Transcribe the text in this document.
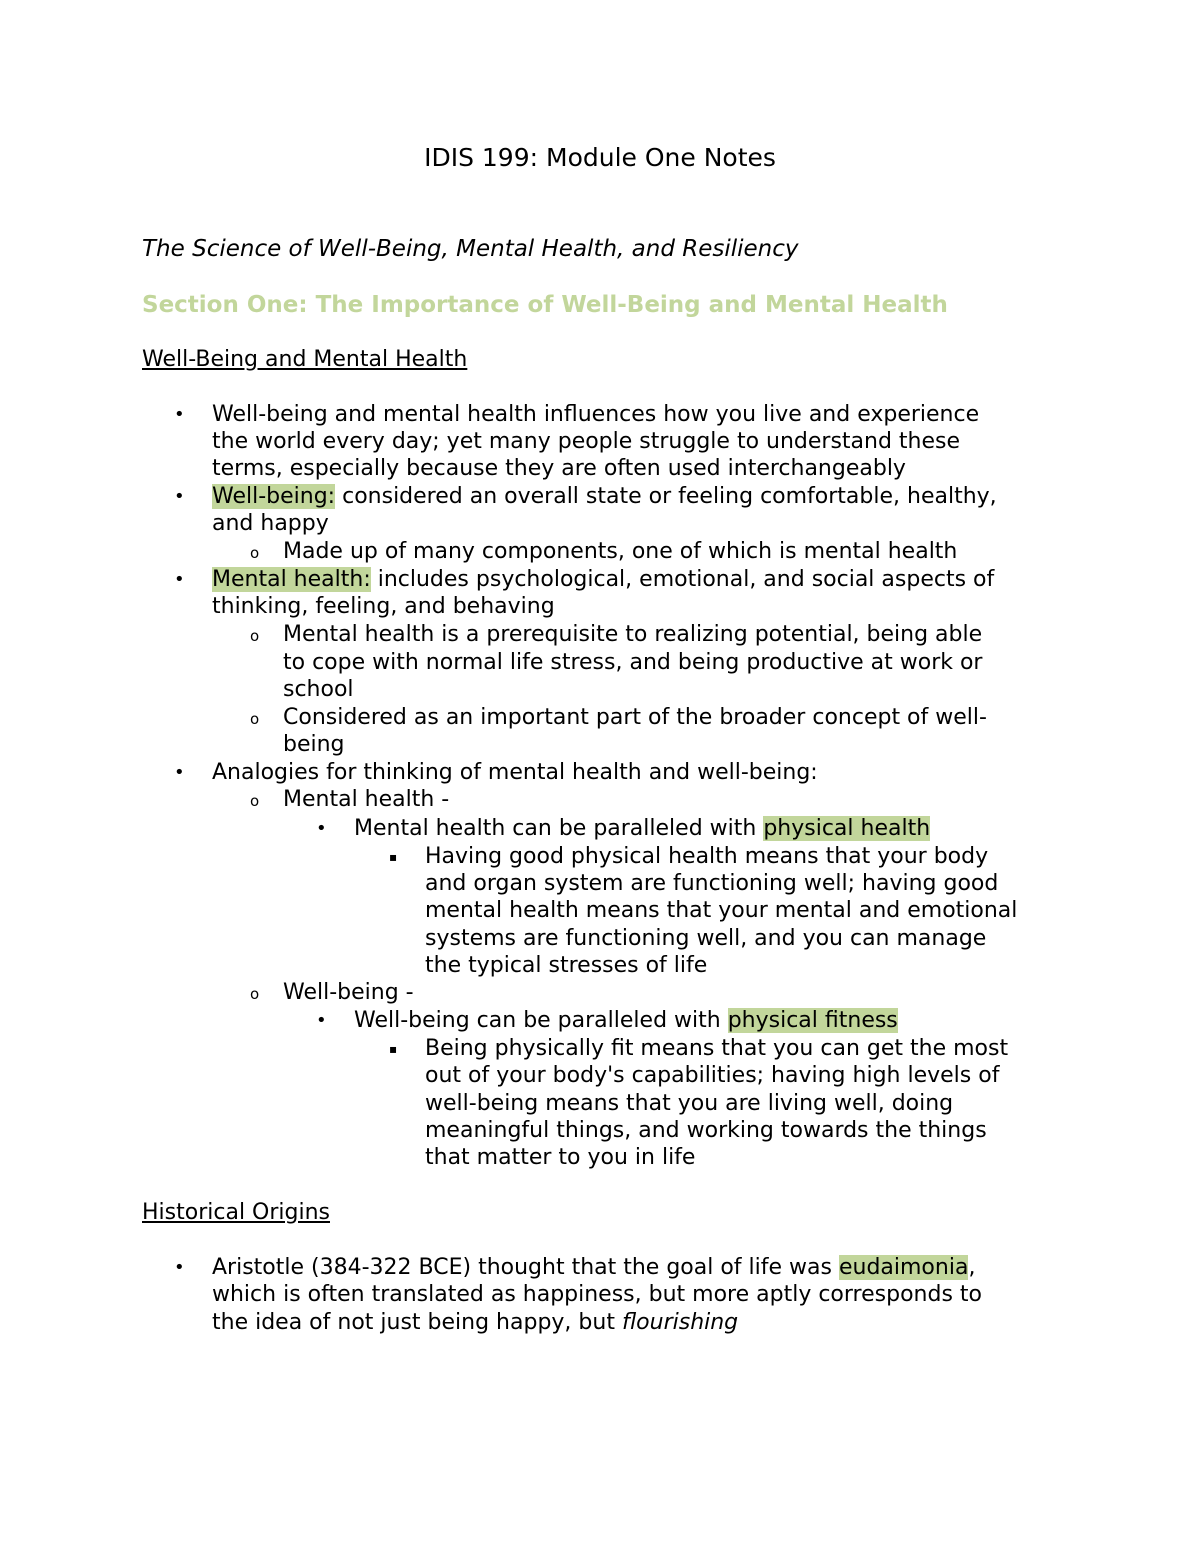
IDIS 199: Module One Notes
The Science of Well-Being, Mental Health, and Resiliency
Section One: The Importance of Well-Being and Mental Health
Well-Being and Mental Health
• Well-being and mental health influences how you live and experience
the world every day; yet many people struggle to understand these
terms, especially because they are often used interchangeably
• Well-being: considered an overall state or feeling comfortable, healthy,
and happy
o Made up of many components, one of which is mental health
• Mental health: includes psychological, emotional, and social aspects of
thinking, feeling, and behaving
o Mental health is a prerequisite to realizing potential, being able
to cope with normal life stress, and being productive at work or
school
o Considered as an important part of the broader concept of well-
being
• Analogies for thinking of mental health and well-being:
o Mental health -
• Mental health can be paralleled with physical health
▪ Having good physical health means that your body
and organ system are functioning well; having good
mental health means that your mental and emotional
systems are functioning well, and you can manage
the typical stresses of life
o Well-being -
• Well-being can be paralleled with physical fitness
▪ Being physically fit means that you can get the most
out of your body's capabilities; having high levels of
well-being means that you are living well, doing
meaningful things, and working towards the things
that matter to you in life
Historical Origins
• Aristotle (384-322 BCE) thought that the goal of life was eudaimonia,
which is often translated as happiness, but more aptly corresponds to
the idea of not just being happy, but flourishing
